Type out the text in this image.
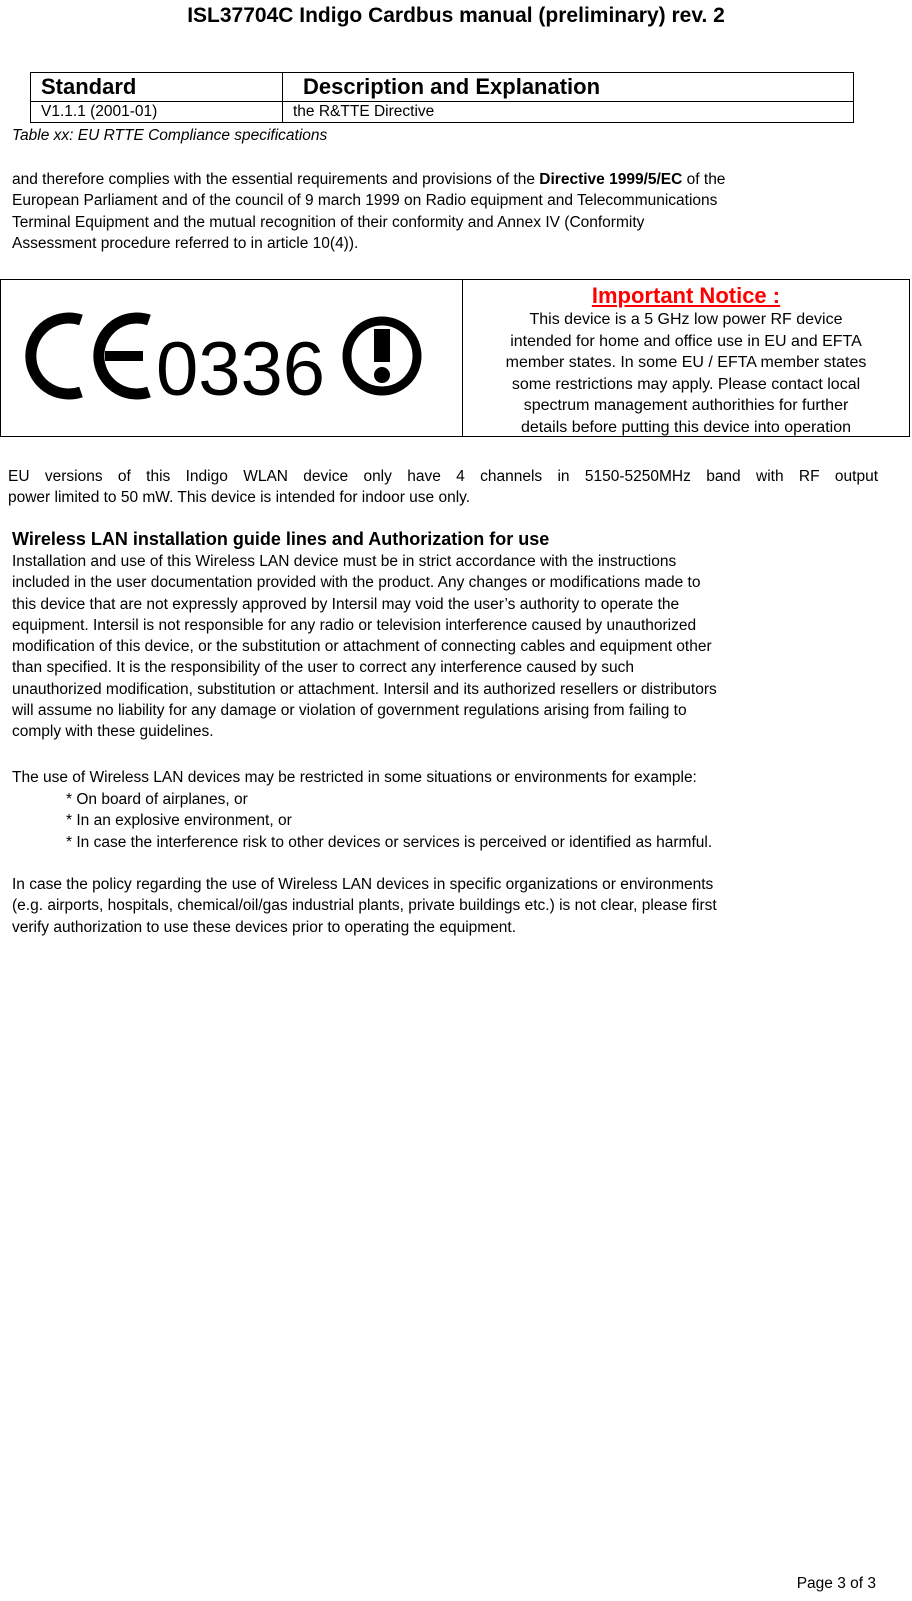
ISL37704C Indigo Cardbus manual (preliminary) rev. 2
Standard	Description and Explanation
V1.1.1 (2001-01)	the R&TTE Directive
Table xx: EU RTTE Compliance specifications
and therefore complies with the essential requirements and provisions of the Directive 1999/5/EC of the
European Parliament and of the council of 9 march 1999 on Radio equipment and Telecommunications
Terminal Equipment and the mutual recognition of their conformity and Annex IV (Conformity
Assessment procedure referred to in article 10(4)).
0336
Important Notice :
This device is a 5 GHz low power RF device
intended for home and office use in EU and EFTA
member states. In some EU / EFTA member states
some restrictions may apply. Please contact local
spectrum management authorithies for further
details before putting this device into operation
EU versions of this Indigo WLAN device only have 4 channels in 5150-5250MHz band with RF output
power limited to 50 mW. This device is intended for indoor use only.
Wireless LAN installation guide lines and Authorization for use
Installation and use of this Wireless LAN device must be in strict accordance with the instructions
included in the user documentation provided with the product. Any changes or modifications made to
this device that are not expressly approved by Intersil may void the user’s authority to operate the
equipment. Intersil is not responsible for any radio or television interference caused by unauthorized
modification of this device, or the substitution or attachment of connecting cables and equipment other
than specified. It is the responsibility of the user to correct any interference caused by such
unauthorized modification, substitution or attachment. Intersil and its authorized resellers or distributors
will assume no liability for any damage or violation of government regulations arising from failing to
comply with these guidelines.
The use of Wireless LAN devices may be restricted in some situations or environments for example:
* On board of airplanes, or
* In an explosive environment, or
* In case the interference risk to other devices or services is perceived or identified as harmful.
In case the policy regarding the use of Wireless LAN devices in specific organizations or environments
(e.g. airports, hospitals, chemical/oil/gas industrial plants, private buildings etc.) is not clear, please first
verify authorization to use these devices prior to operating the equipment.
Page 3 of 3
